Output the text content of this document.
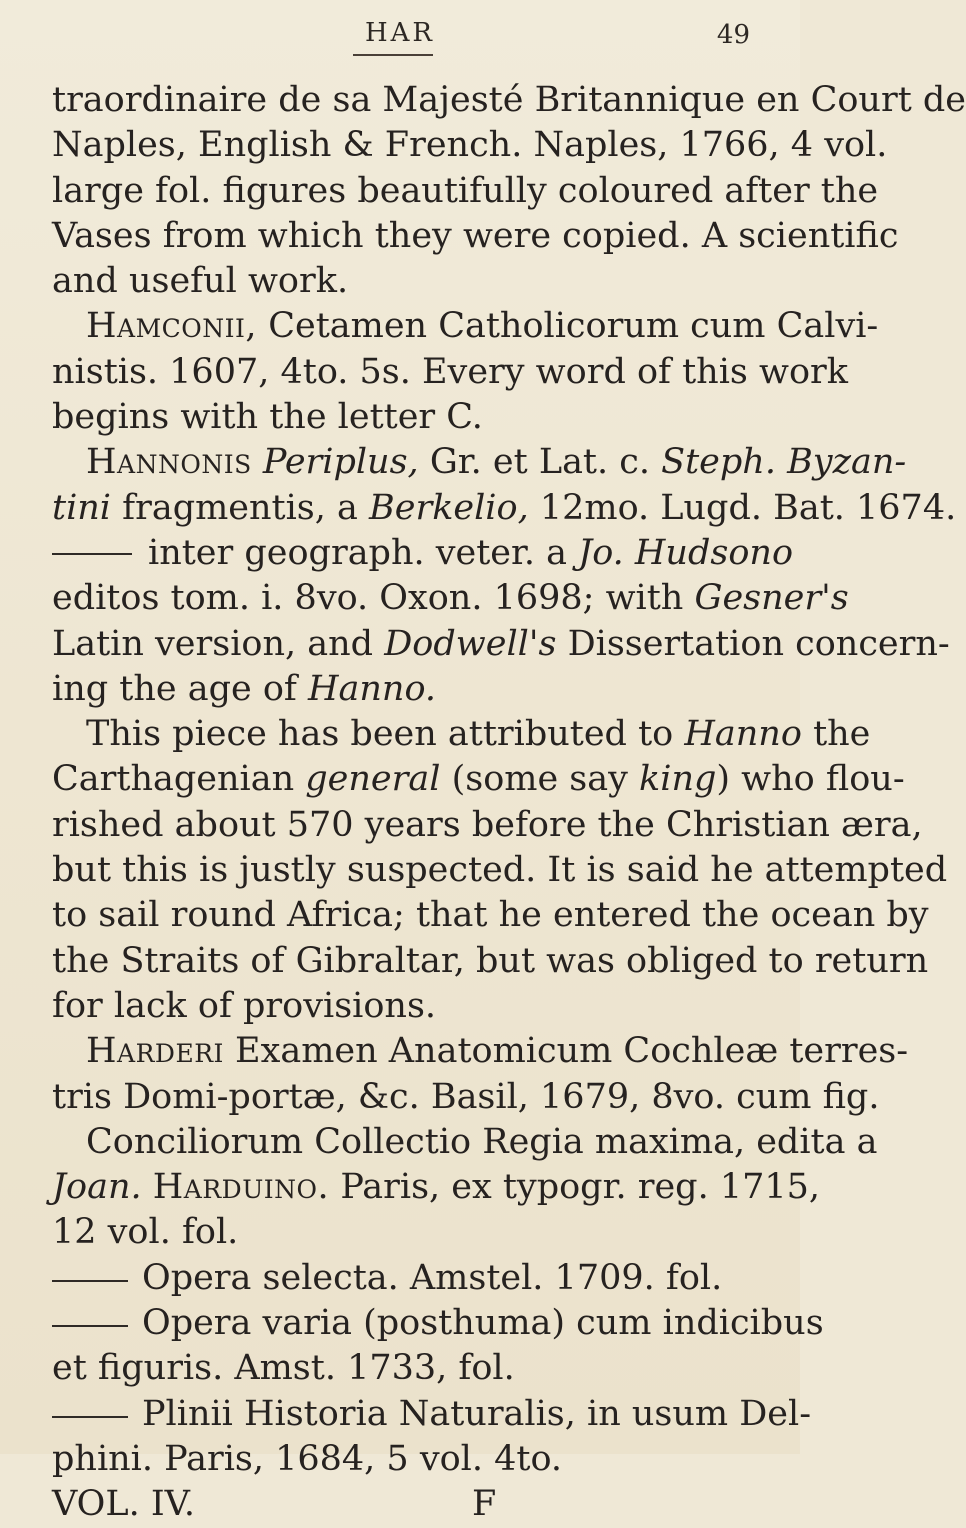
HAR	49
traordinaire de sa Majesté Britannique en Court de
Naples, English & French. Naples, 1766, 4 vol.
large fol. figures beautifully coloured after the
Vases from which they were copied. A scientific
and useful work.
Hamconii, Cetamen Catholicorum cum Calvi-
nistis. 1607, 4to. 5s. Every word of this work
begins with the letter C.
Hannonis Periplus, Gr. et Lat. c. Steph. Byzan-
tini fragmentis, a Berkelio, 12mo. Lugd. Bat. 1674.
inter geograph. veter. a Jo. Hudsono
editos tom. i. 8vo. Oxon. 1698; with Gesner's
Latin version, and Dodwell's Dissertation concern-
ing the age of Hanno.
This piece has been attributed to Hanno the
Carthagenian general (some say king) who flou-
rished about 570 years before the Christian æra,
but this is justly suspected. It is said he attempted
to sail round Africa; that he entered the ocean by
the Straits of Gibraltar, but was obliged to return
for lack of provisions.
Harderi Examen Anatomicum Cochleæ terres-
tris Domi-portæ, &c. Basil, 1679, 8vo. cum fig.
Conciliorum Collectio Regia maxima, edita a
Joan. Harduino. Paris, ex typogr. reg. 1715,
12 vol. fol.
Opera selecta. Amstel. 1709. fol.
Opera varia (posthuma) cum indicibus
et figuris. Amst. 1733, fol.
Plinii Historia Naturalis, in usum Del-
phini. Paris, 1684, 5 vol. 4to.
VOL. IV.	F
